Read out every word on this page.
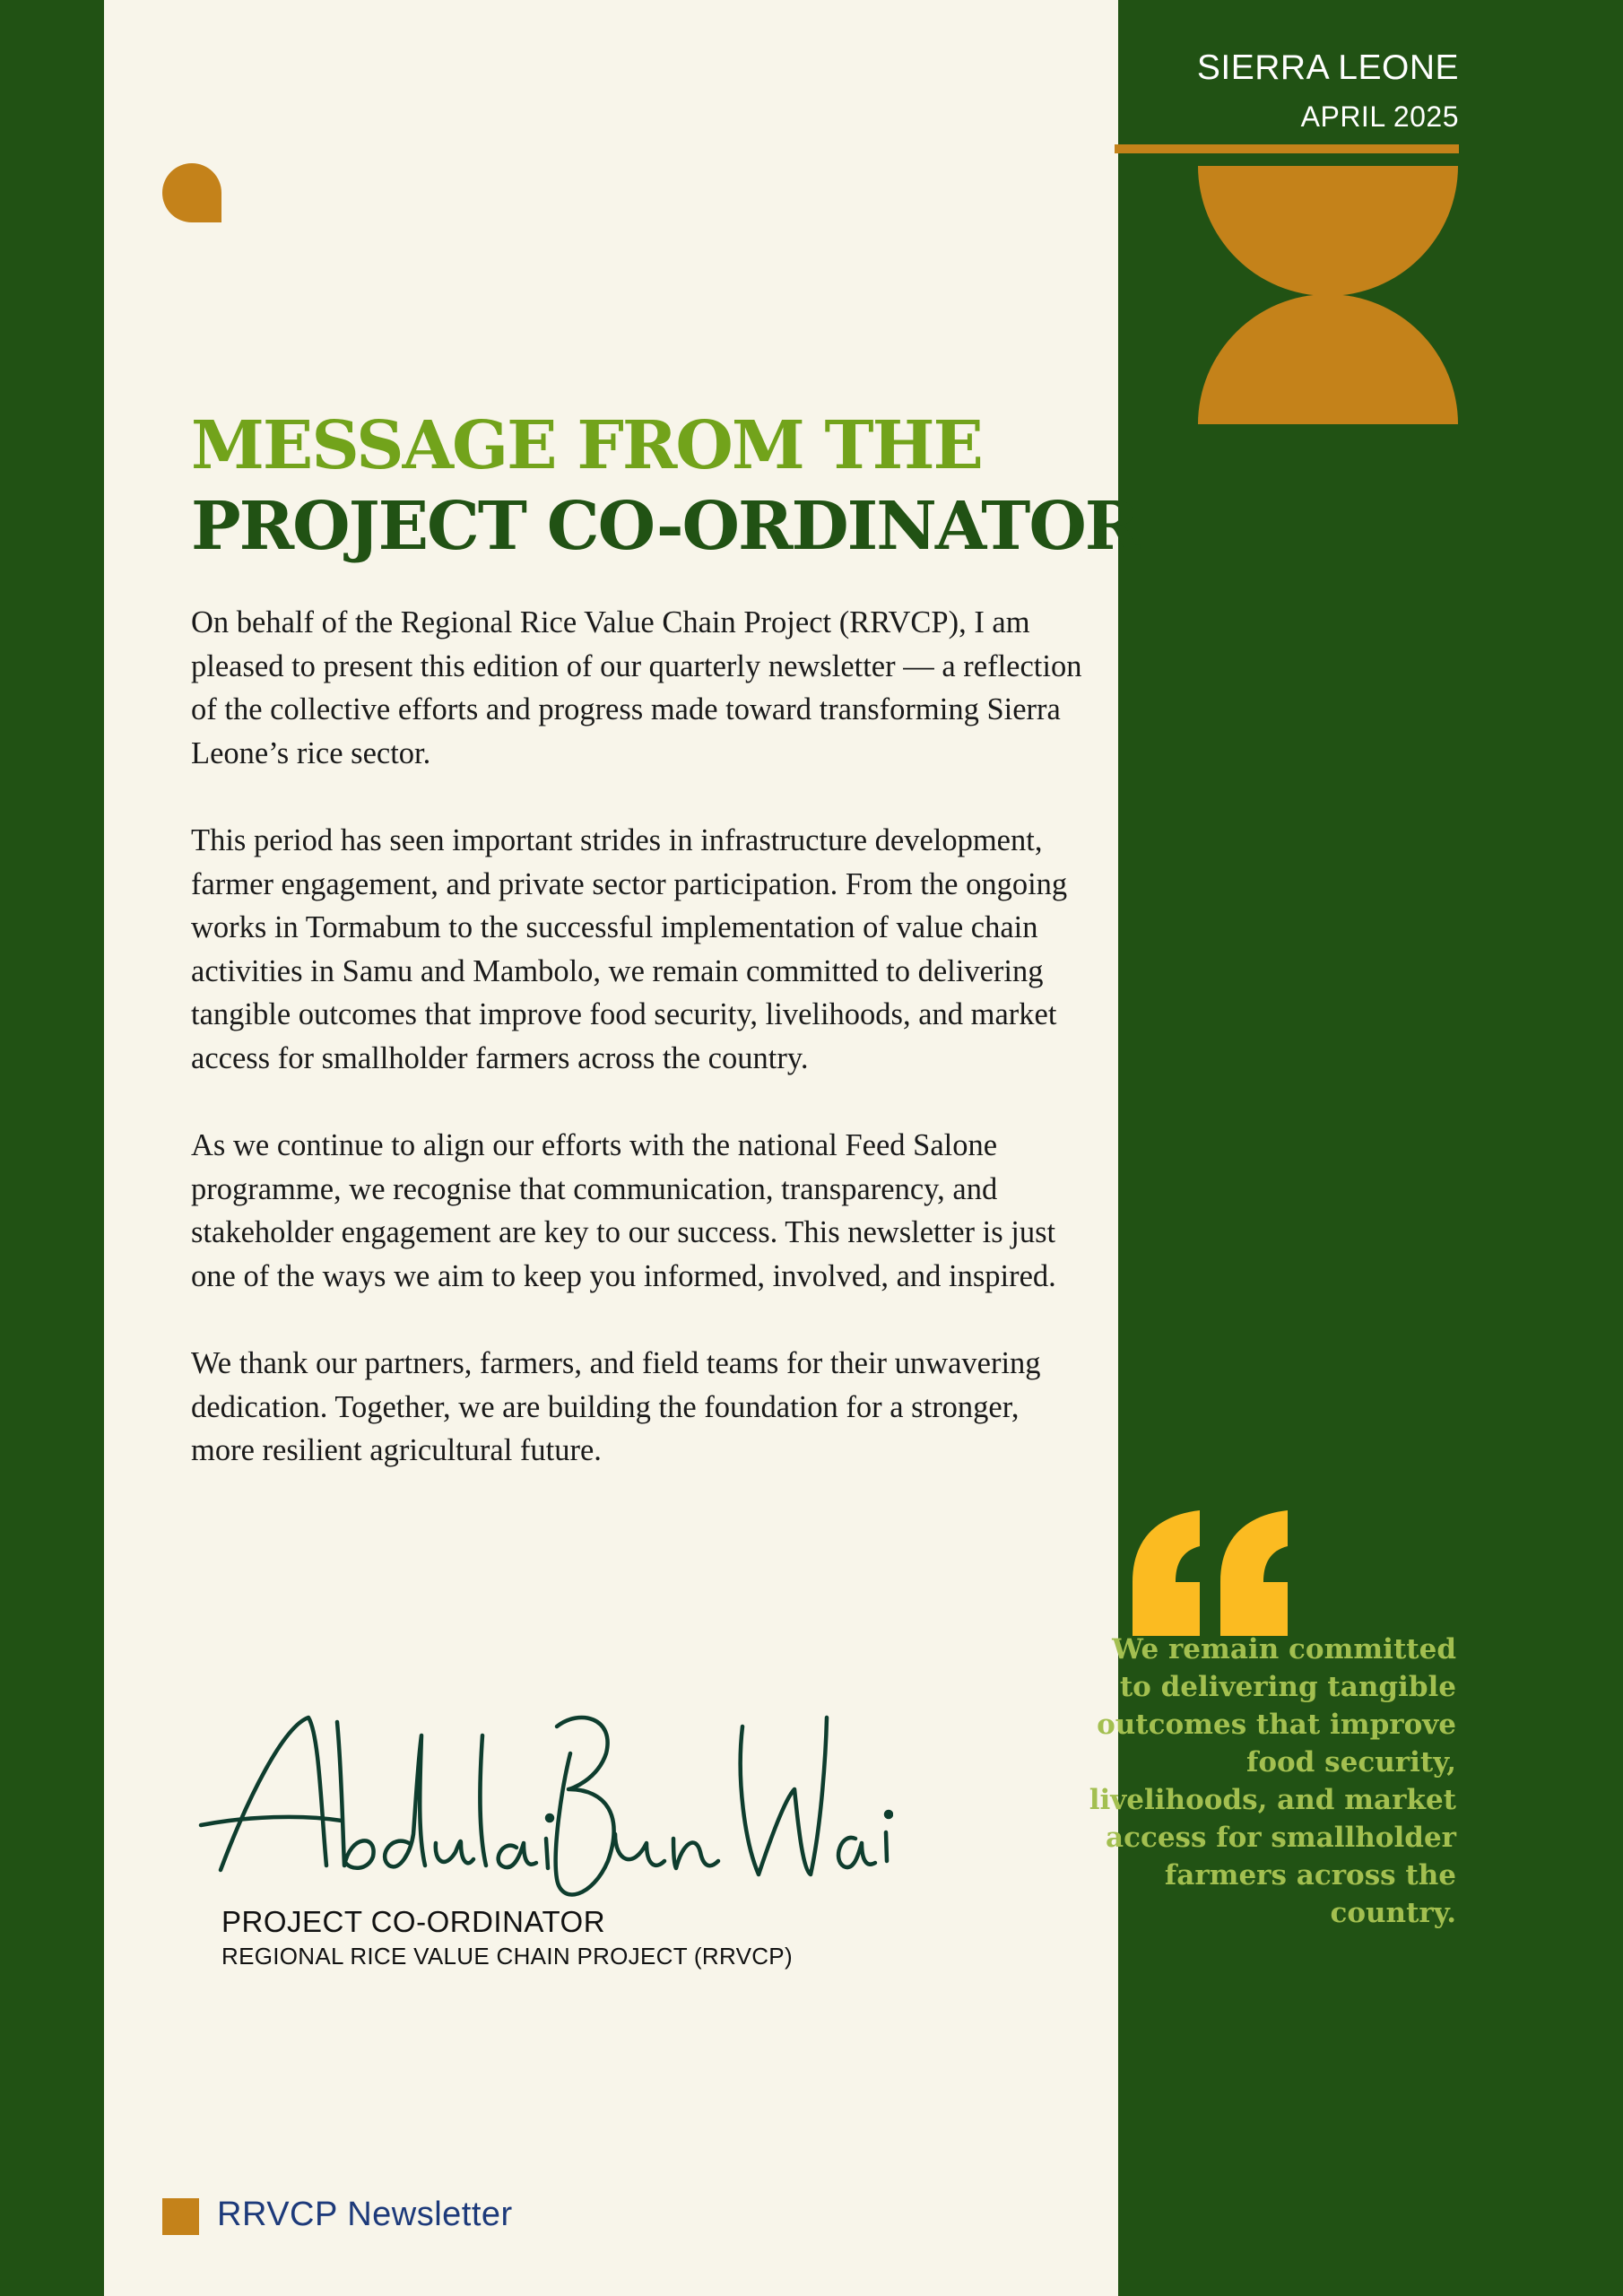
MESSAGE FROM THE
PROJECT CO-ORDINATOR

On behalf of the Regional Rice Value Chain Project (RRVCP), I am pleased to present this edition of our quarterly newsletter — a reflection of the collective efforts and progress made toward transforming Sierra Leone’s rice sector.

This period has seen important strides in infrastructure development, farmer engagement, and private sector participation. From the ongoing works in Tormabum to the successful implementation of value chain activities in Samu and Mambolo, we remain committed to delivering tangible outcomes that improve food security, livelihoods, and market access for smallholder farmers across the country.

As we continue to align our efforts with the national Feed Salone programme, we recognise that communication, transparency, and stakeholder engagement are key to our success. This newsletter is just one of the ways we aim to keep you informed, involved, and inspired.

We thank our partners, farmers, and field teams for their unwavering dedication. Together, we are building the foundation for a stronger, more resilient agricultural future.

PROJECT CO-ORDINATOR
REGIONAL RICE VALUE CHAIN PROJECT (RRVCP)
RRVCP Newsletter
SIERRA LEONE
APRIL 2025
We remain committed to delivering tangible outcomes that improve food security, livelihoods, and market access for smallholder farmers across the country.
